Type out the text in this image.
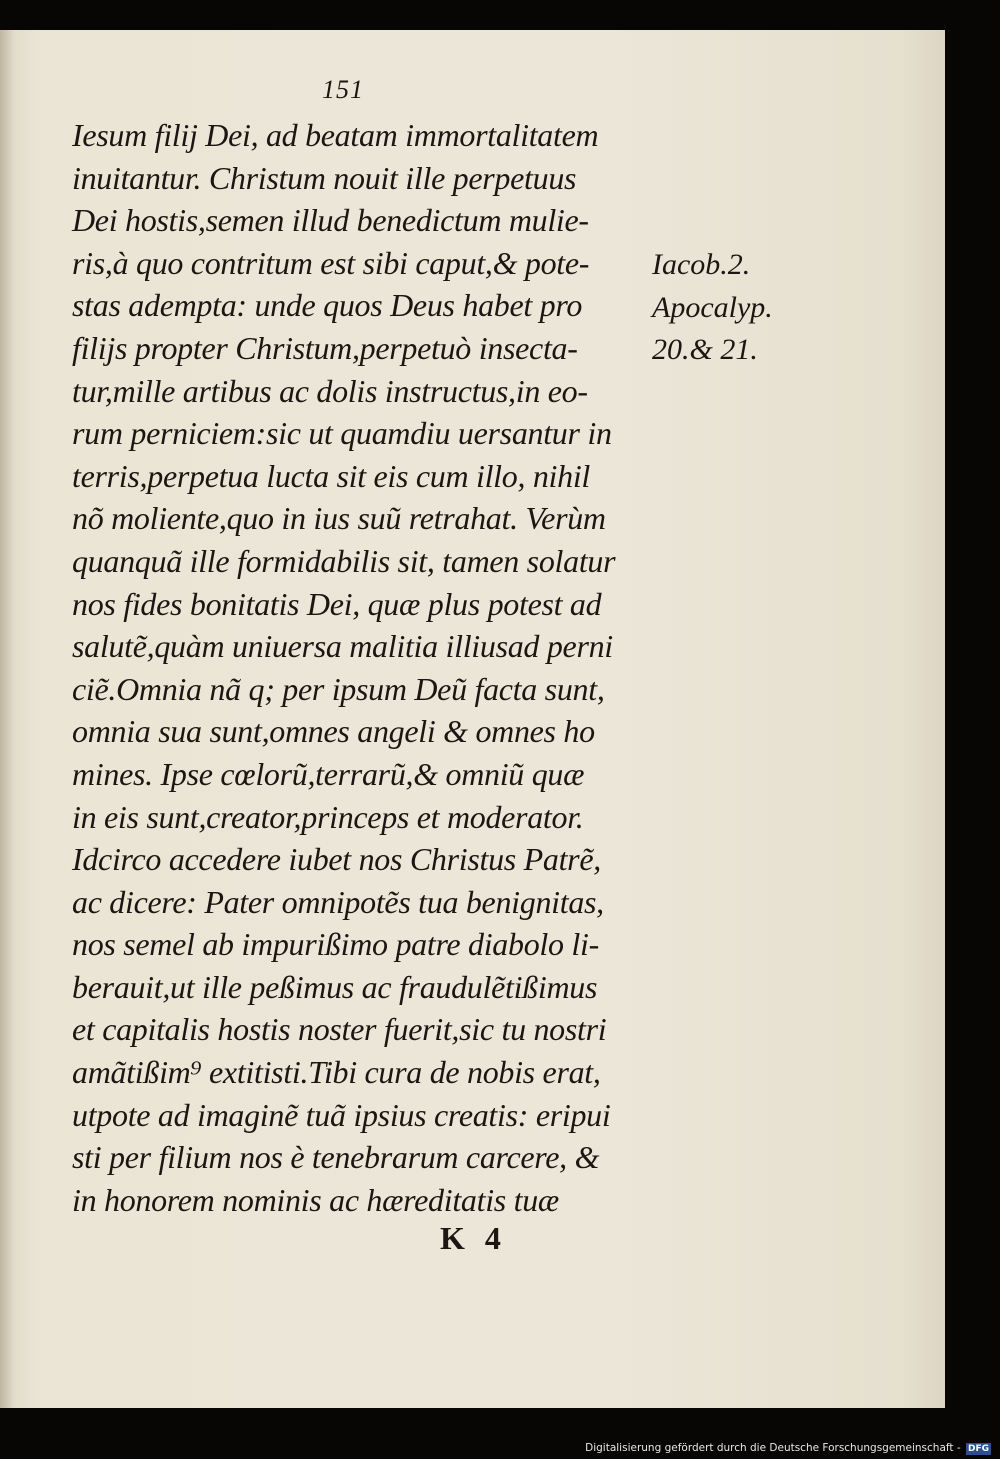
151
Iesum filij Dei, ad beatam immortalitatem
inuitantur. Christum nouit ille perpetuus
Dei hostis,semen illud benedictum mulie-
ris,à quo contritum est sibi caput,& pote-
stas adempta: unde quos Deus habet pro
filijs propter Christum,perpetuò insecta-
tur,mille artibus ac dolis instructus,in eo-
rum perniciem:sic ut quamdiu uersantur in
terris,perpetua lucta sit eis cum illo, nihil
nõ moliente,quo in ius suũ retrahat. Verùm
quanquã ille formidabilis sit, tamen solatur
nos fides bonitatis Dei, quæ plus potest ad
salutẽ,quàm uniuersa malitia illiusad perni
ciẽ.Omnia nã q; per ipsum Deũ facta sunt,
omnia sua sunt,omnes angeli & omnes ho
mines. Ipse cœlorũ,terrarũ,& omniũ quæ
in eis sunt,creator,princeps et moderator.
Idcirco accedere iubet nos Christus Patrẽ,
ac dicere: Pater omnipotẽs tua benignitas,
nos semel ab impurißimo patre diabolo li-
berauit,ut ille peßimus ac fraudulẽtißimus
et capitalis hostis noster fuerit,sic tu nostri
amãtißim⁹ extitisti.Tibi cura de nobis erat,
utpote ad imaginẽ tuã ipsius creatis: eripui
sti per filium nos è tenebrarum carcere, &
in honorem nominis ac hæreditatis tuæ
Iacob.2.
Apocalyp.
20.& 21.
K 4
Digitalisierung gefördert durch die Deutsche Forschungsgemeinschaft - DFG
